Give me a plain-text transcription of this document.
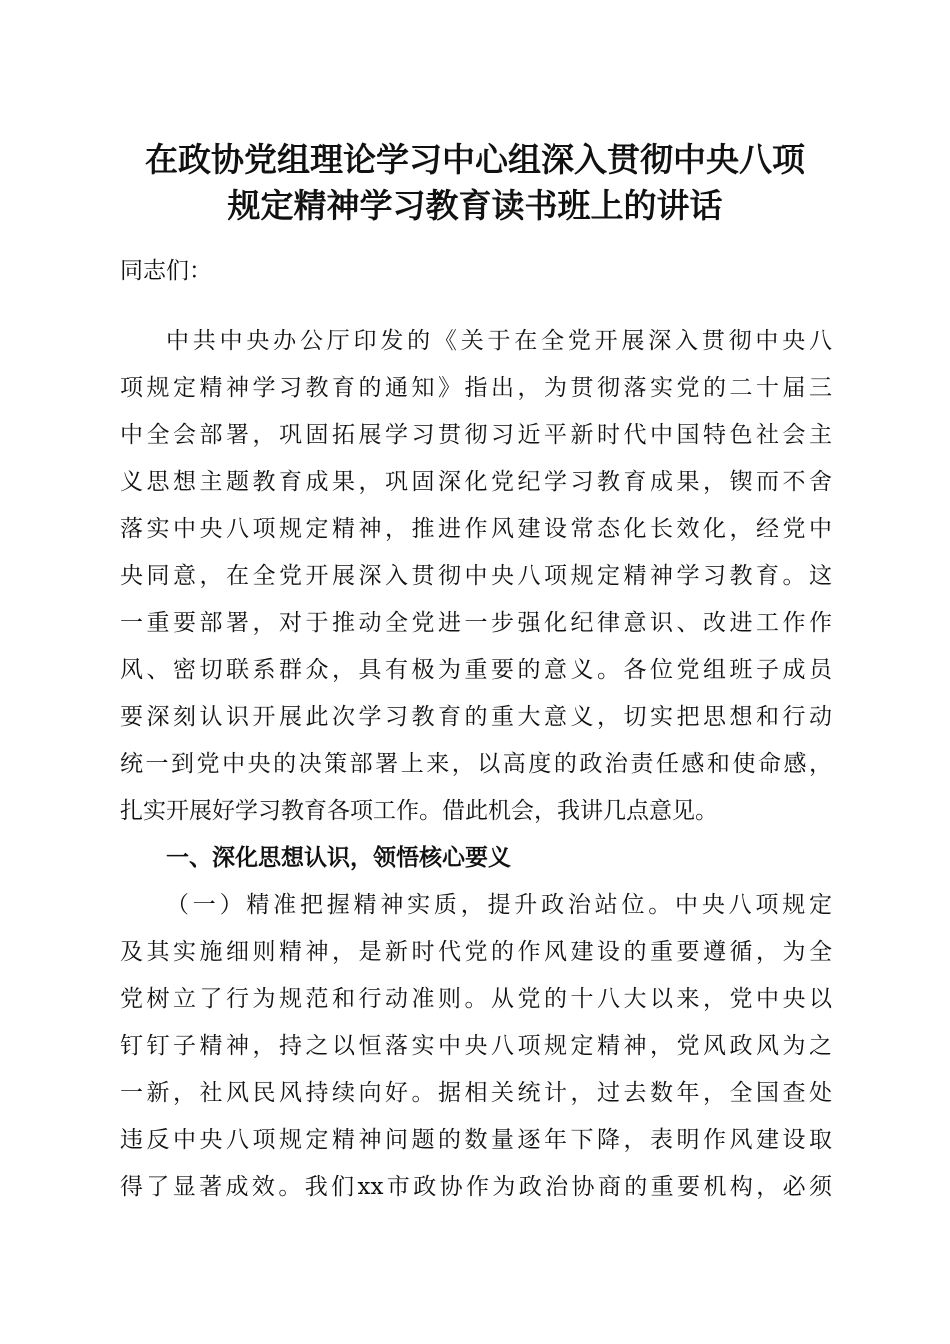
在政协党组理论学习中心组深入贯彻中央八项
规定精神学习教育读书班上的讲话

同志们：

中共中央办公厅印发的《关于在全党开展深入贯彻中央八

项规定精神学习教育的通知》指出，为贯彻落实党的二十届三

中全会部署，巩固拓展学习贯彻习近平新时代中国特色社会主

义思想主题教育成果，巩固深化党纪学习教育成果，锲而不舍

落实中央八项规定精神，推进作风建设常态化长效化，经党中

央同意，在全党开展深入贯彻中央八项规定精神学习教育。这

一重要部署，对于推动全党进一步强化纪律意识、改进工作作

风、密切联系群众，具有极为重要的意义。各位党组班子成员

要深刻认识开展此次学习教育的重大意义，切实把思想和行动

统一到党中央的决策部署上来，以高度的政治责任感和使命感，

扎实开展好学习教育各项工作。借此机会，我讲几点意见。

一、深化思想认识，领悟核心要义

（一）精准把握精神实质，提升政治站位。中央八项规定

及其实施细则精神，是新时代党的作风建设的重要遵循，为全

党树立了行为规范和行动准则。从党的十八大以来，党中央以

钉钉子精神，持之以恒落实中央八项规定精神，党风政风为之

一新，社风民风持续向好。据相关统计，过去数年，全国查处

违反中央八项规定精神问题的数量逐年下降，表明作风建设取

得了显著成效。我们xx市政协作为政治协商的重要机构，必须
